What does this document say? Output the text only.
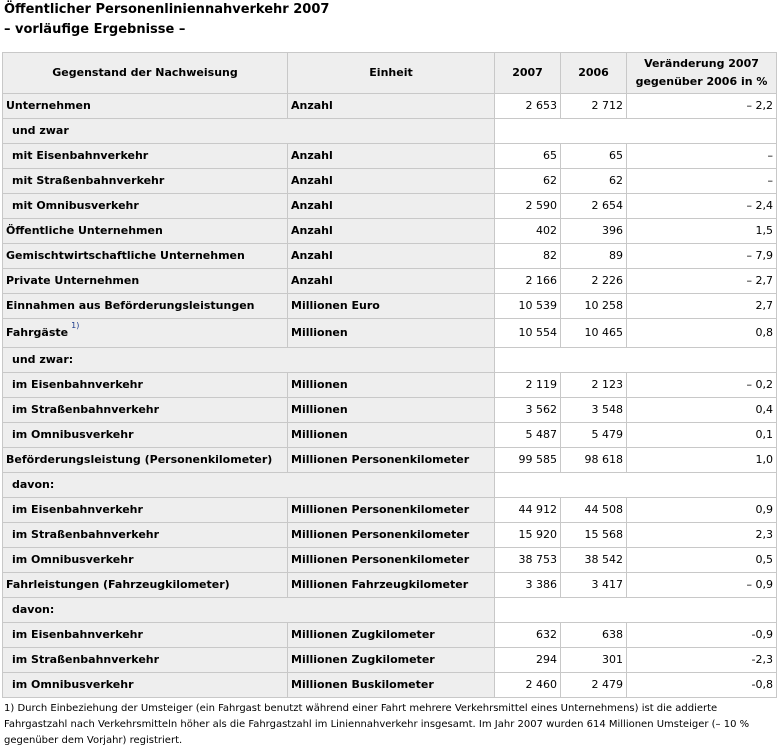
Öffentlicher Personenliniennahverkehr 2007
– vorläufige Ergebnisse –
Gegenstand der Nachweisung	Einheit	2007	2006	Veränderung 2007 gegenüber 2006 in %
Unternehmen	Anzahl	2 653	2 712	– 2,2
und zwar				
mit Eisenbahnverkehr	Anzahl	65	65	–
mit Straßenbahnverkehr	Anzahl	62	62	–
mit Omnibusverkehr	Anzahl	2 590	2 654	– 2,4
Öffentliche Unternehmen	Anzahl	402	396	1,5
Gemischtwirtschaftliche Unternehmen	Anzahl	82	89	– 7,9
Private Unternehmen	Anzahl	2 166	2 226	– 2,7
Einnahmen aus Beförderungsleistungen	Millionen Euro	10 539	10 258	2,7
Fahrgäste$^{1)}$	Millionen	10 554	10 465	0,8
und zwar:				
im Eisenbahnverkehr	Millionen	2 119	2 123	– 0,2
im Straßenbahnverkehr	Millionen	3 562	3 548	0,4
im Omnibusverkehr	Millionen	5 487	5 479	0,1
Beförderungsleistung (Personenkilometer)	Millionen Personenkilometer	99 585	98 618	1,0
davon:				
im Eisenbahnverkehr	Millionen Personenkilometer	44 912	44 508	0,9
im Straßenbahnverkehr	Millionen Personenkilometer	15 920	15 568	2,3
im Omnibusverkehr	Millionen Personenkilometer	38 753	38 542	0,5
Fahrleistungen (Fahrzeugkilometer)	Millionen Fahrzeugkilometer	3 386	3 417	– 0,9
davon:				
im Eisenbahnverkehr	Millionen Zugkilometer	632	638	-0,9
im Straßenbahnverkehr	Millionen Zugkilometer	294	301	-2,3
im Omnibusverkehr	Millionen Buskilometer	2 460	2 479	-0,8
1) Durch Einbeziehung der Umsteiger (ein Fahrgast benutzt während einer Fahrt mehrere Verkehrsmittel eines Unternehmens) ist die addierte Fahrgastzahl nach Verkehrsmitteln höher als die Fahrgastzahl im Liniennahverkehr insgesamt. Im Jahr 2007 wurden 614 Millionen Umsteiger (– 10 % gegenüber dem Vorjahr) registriert.
